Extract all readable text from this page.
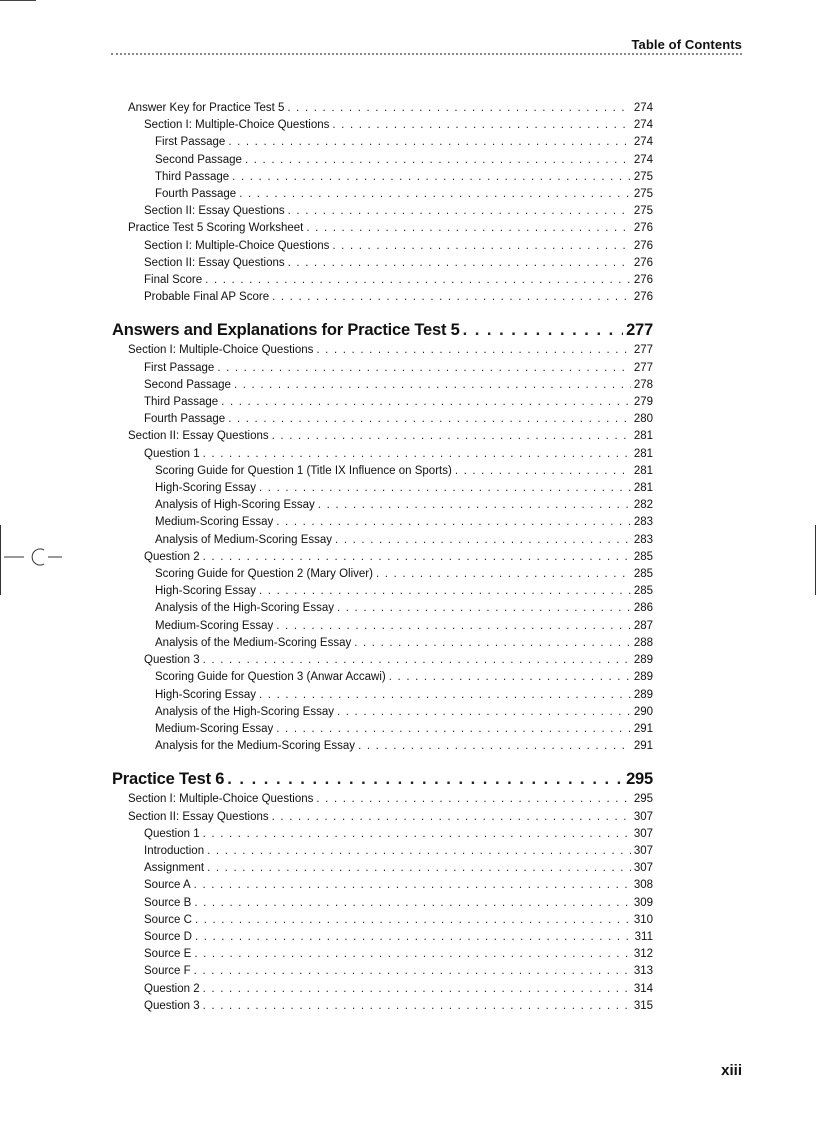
Table of Contents
Answer Key for Practice Test 5 . . .	274
Section I: Multiple-Choice Questions . . .	274
First Passage . . .	274
Second Passage . . .	274
Third Passage . . .	275
Fourth Passage . . .	275
Section II: Essay Questions . . .	275
Practice Test 5 Scoring Worksheet . . .	276
Section I: Multiple-Choice Questions . . .	276
Section II: Essay Questions . . .	276
Final Score . . .	276
Probable Final AP Score . . .	276
Answers and Explanations for Practice Test 5 . . .	277
Section I: Multiple-Choice Questions . . .	277
First Passage . . .	277
Second Passage . . .	278
Third Passage . . .	279
Fourth Passage . . .	280
Section II: Essay Questions . . .	281
Question 1 . . .	281
Scoring Guide for Question 1 (Title IX Influence on Sports) . . .	281
High-Scoring Essay . . .	281
Analysis of High-Scoring Essay . . .	282
Medium-Scoring Essay . . .	283
Analysis of Medium-Scoring Essay . . .	283
Question 2 . . .	285
Scoring Guide for Question 2 (Mary Oliver) . . .	285
High-Scoring Essay . . .	285
Analysis of the High-Scoring Essay . . .	286
Medium-Scoring Essay . . .	287
Analysis of the Medium-Scoring Essay . . .	288
Question 3 . . .	289
Scoring Guide for Question 3 (Anwar Accawi) . . .	289
High-Scoring Essay . . .	289
Analysis of the High-Scoring Essay . . .	290
Medium-Scoring Essay . . .	291
Analysis for the Medium-Scoring Essay . . .	291
Practice Test 6 . . .	295
Section I: Multiple-Choice Questions . . .	295
Section II: Essay Questions . . .	307
Question 1 . . .	307
Introduction . . .	307
Assignment . . .	307
Source A . . .	308
Source B . . .	309
Source C . . .	310
Source D . . .	311
Source E . . .	312
Source F . . .	313
Question 2 . . .	314
Question 3 . . .	315
xiii
